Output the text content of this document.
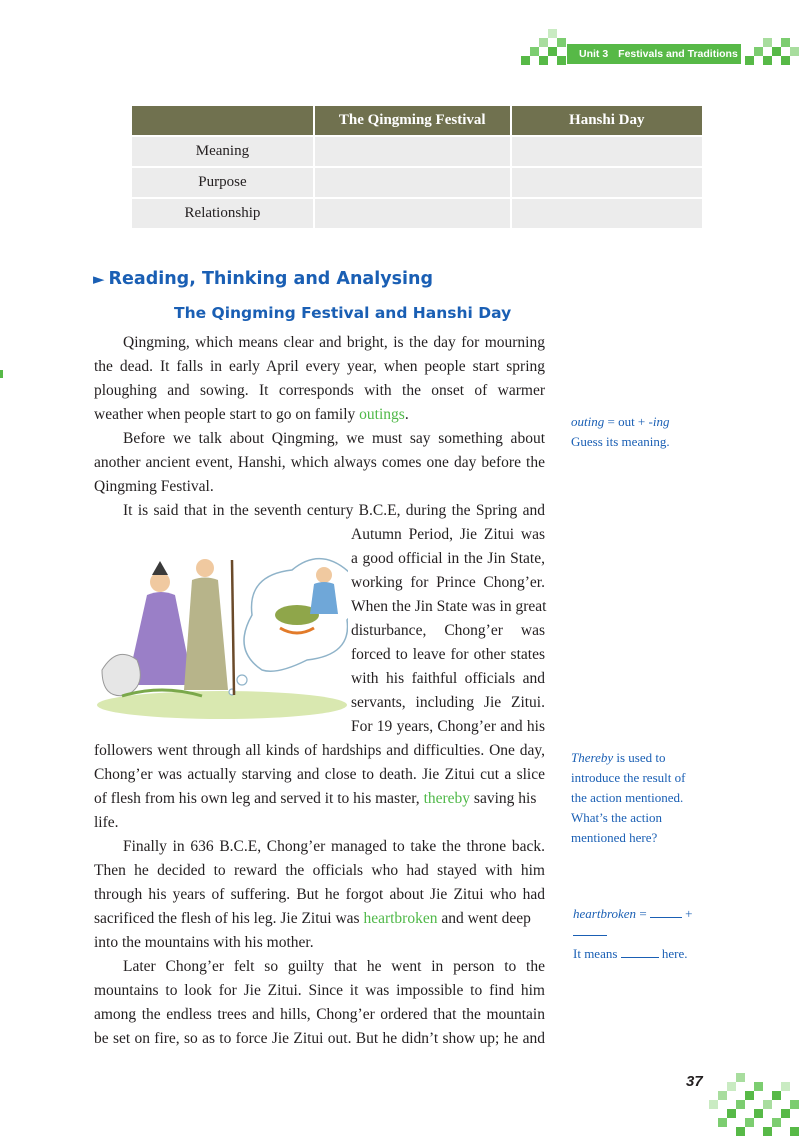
Unit 3 Festivals and Traditions
	The Qingming Festival	Hanshi Day
Meaning		
Purpose		
Relationship		
► Reading, Thinking and Analysing
The Qingming Festival and Hanshi Day
Qingming, which means clear and bright, is the day for mourning
the dead. It falls in early April every year, when people start spring
ploughing and sowing. It corresponds with the onset of warmer
weather when people start to go on family outings.
Before we talk about Qingming, we must say something about
another ancient event, Hanshi, which always comes one day before the
Qingming Festival.
It is said that in the seventh century B.C.E, during the Spring and
Autumn Period, Jie Zitui was
a good official in the Jin State,
working for Prince Chong’er.
When the Jin State was in great
disturbance, Chong’er was
forced to leave for other states
with his faithful officials and
servants, including Jie Zitui.
For 19 years, Chong’er and his
followers went through all kinds of hardships and difficulties. One day,
Chong’er was actually starving and close to death. Jie Zitui cut a slice
of flesh from his own leg and served it to his master, thereby saving his
life.
Finally in 636 B.C.E, Chong’er managed to take the throne back.
Then he decided to reward the officials who had stayed with him
through his years of suffering. But he forgot about Jie Zitui who had
sacrificed the flesh of his leg. Jie Zitui was heartbroken and went deep
into the mountains with his mother.
Later Chong’er felt so guilty that he went in person to the
mountains to look for Jie Zitui. Since it was impossible to find him
among the endless trees and hills, Chong’er ordered that the mountain
be set on fire, so as to force Jie Zitui out. But he didn’t show up; he and
outing = out + -ing
Guess its meaning.
Thereby is used to
introduce the result of
the action mentioned.
What’s the action
mentioned here?
heartbroken =  +
It means	here.
37
